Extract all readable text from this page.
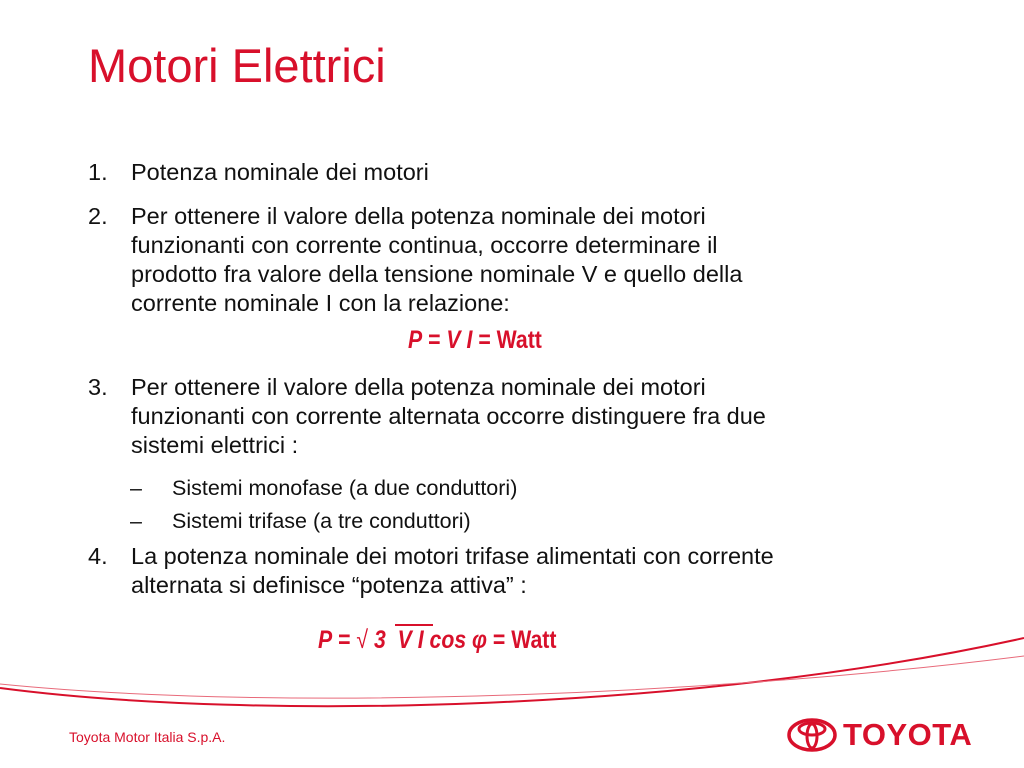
Motori Elettrici
1. Potenza nominale dei motori
2. Per ottenere il valore della potenza nominale dei motori
funzionanti con corrente continua, occorre determinare il
prodotto fra valore della tensione nominale V e quello della
corrente nominale I con la relazione:
P = V I = Watt
3. Per ottenere il valore della potenza nominale dei motori
funzionanti con corrente alternata occorre distinguere fra due
sistemi elettrici :
– Sistemi monofase (a due conduttori)
– Sistemi trifase (a tre conduttori)
4. La potenza nominale dei motori trifase alimentati con corrente
alternata si definisce “potenza attiva” :
P = √ 3 V I cos φ = Watt
Toyota Motor Italia S.p.A.	TOYOTA
